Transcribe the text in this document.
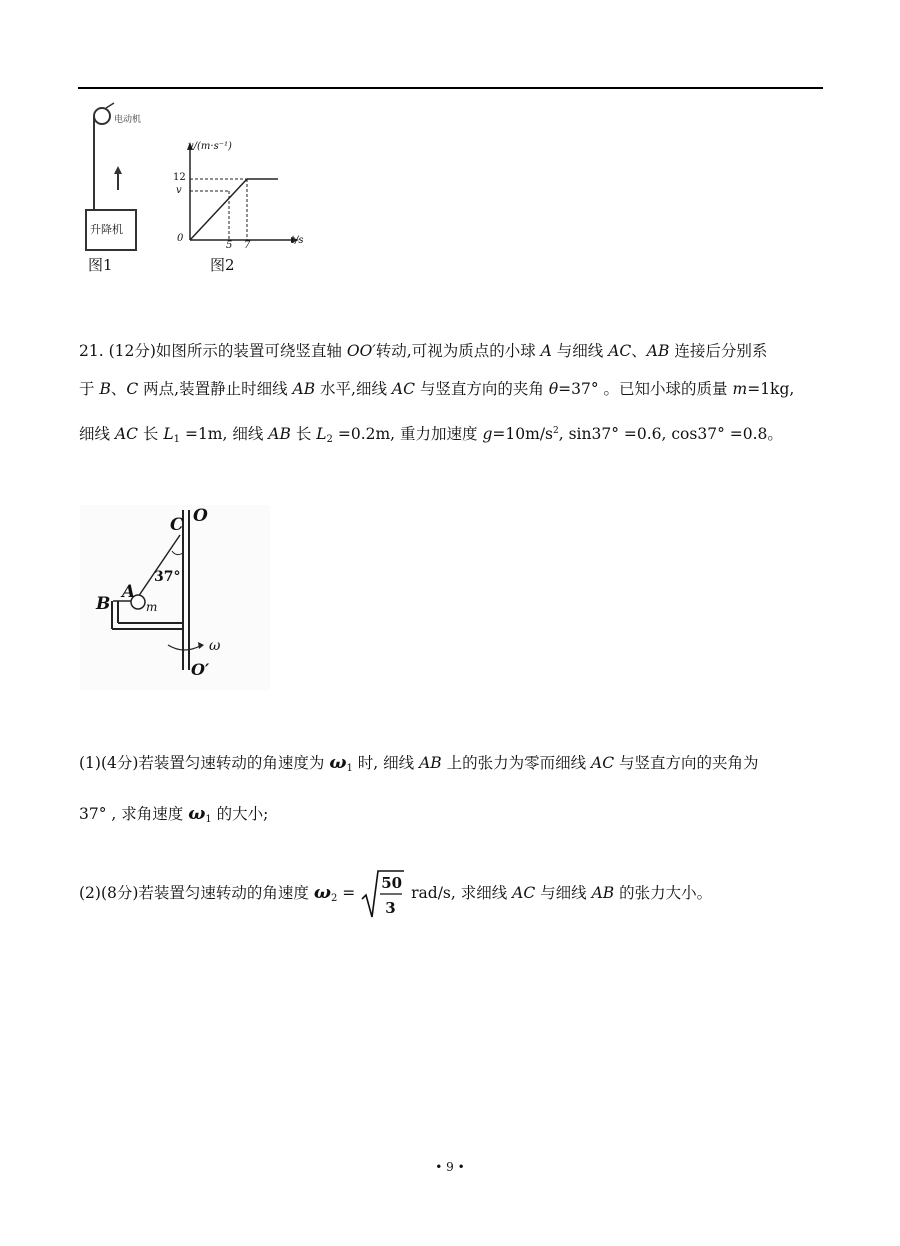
电动机
升降机
图1
v/(m·s⁻¹)
t/s
12
v
0
5 7
图2
21. (12分)如图所示的装置可绕竖直轴 OO′转动,可视为质点的小球 A 与细线 AC、AB 连接后分别系
于 B、C 两点,装置静止时细线 AB 水平,细线 AC 与竖直方向的夹角 θ=37° 。已知小球的质量 m=1kg,
细线 AC 长 $L_1 =1m$, 细线 AB 长 $L_2 =0.2m$, 重力加速度 $g=10m/s^2$, sin37° =0.6, cos37° =0.8。
C O
37°
A
B	m
ω
O′
(1)(4分)若装置匀速转动的角速度为 $\omega_1$ 时, 细线 AB 上的张力为零而细线 AC 与竖直方向的夹角为
37° , 求角速度 $\omega_1$ 的大小;
(2)(8分)若装置匀速转动的角速度 $\omega_2$ =
50
3
rad/s, 求细线 AC 与细线 AB 的张力大小。
• 9 •
